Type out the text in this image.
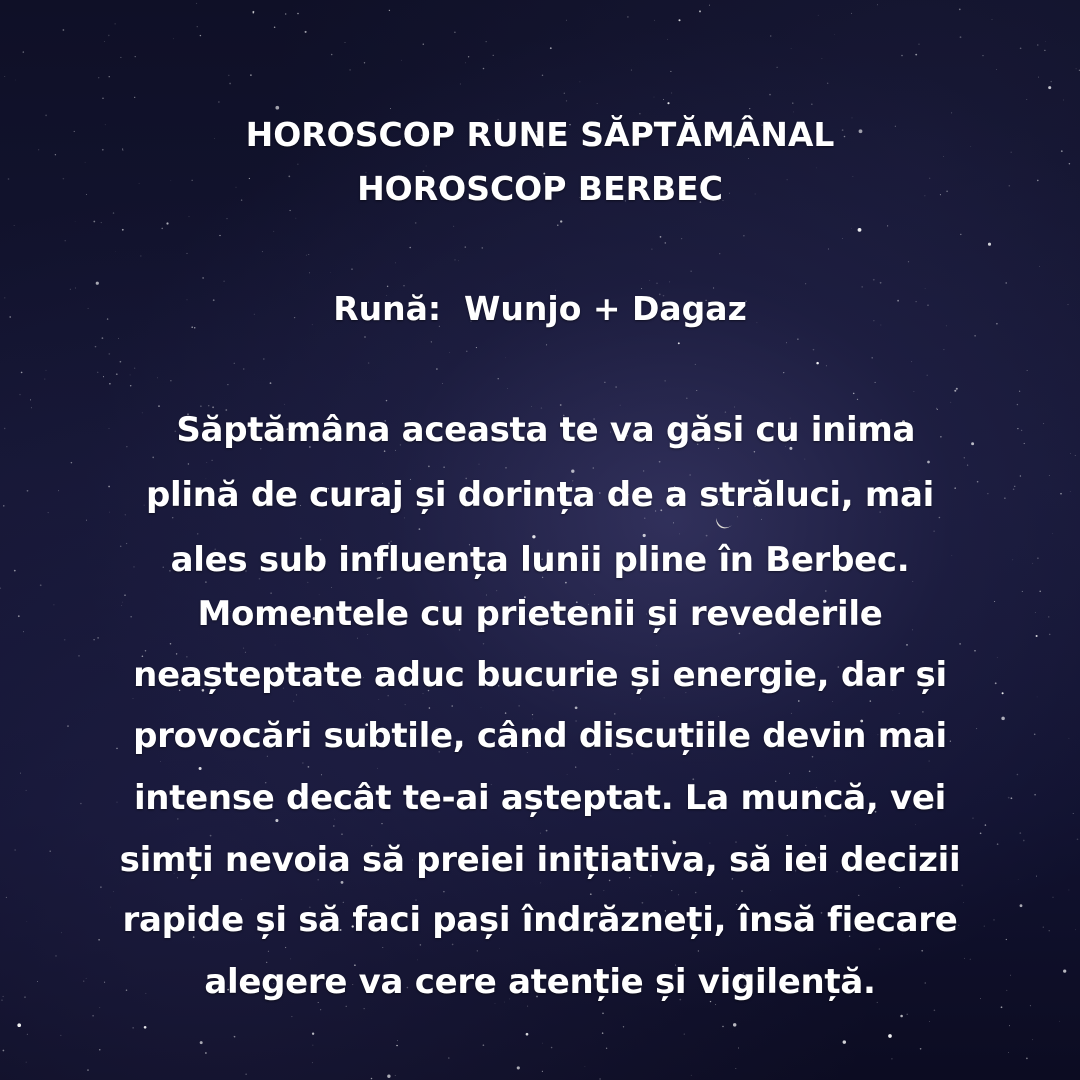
HOROSCOP RUNE SĂPTĂMÂNAL
HOROSCOP BERBEC
Rună:  Wunjo + Dagaz
Săptămâna aceasta te va găsi cu inima
plină de curaj și dorința de a străluci, mai
ales sub influența lunii pline în Berbec.
Momentele cu prietenii și revederile
neașteptate aduc bucurie și energie, dar și
provocări subtile, când discuțiile devin mai
intense decât te-ai așteptat. La muncă, vei
simți nevoia să preiei inițiativa, să iei decizii
rapide și să faci pași îndrăzneți, însă fiecare
alegere va cere atenție și vigilență.
